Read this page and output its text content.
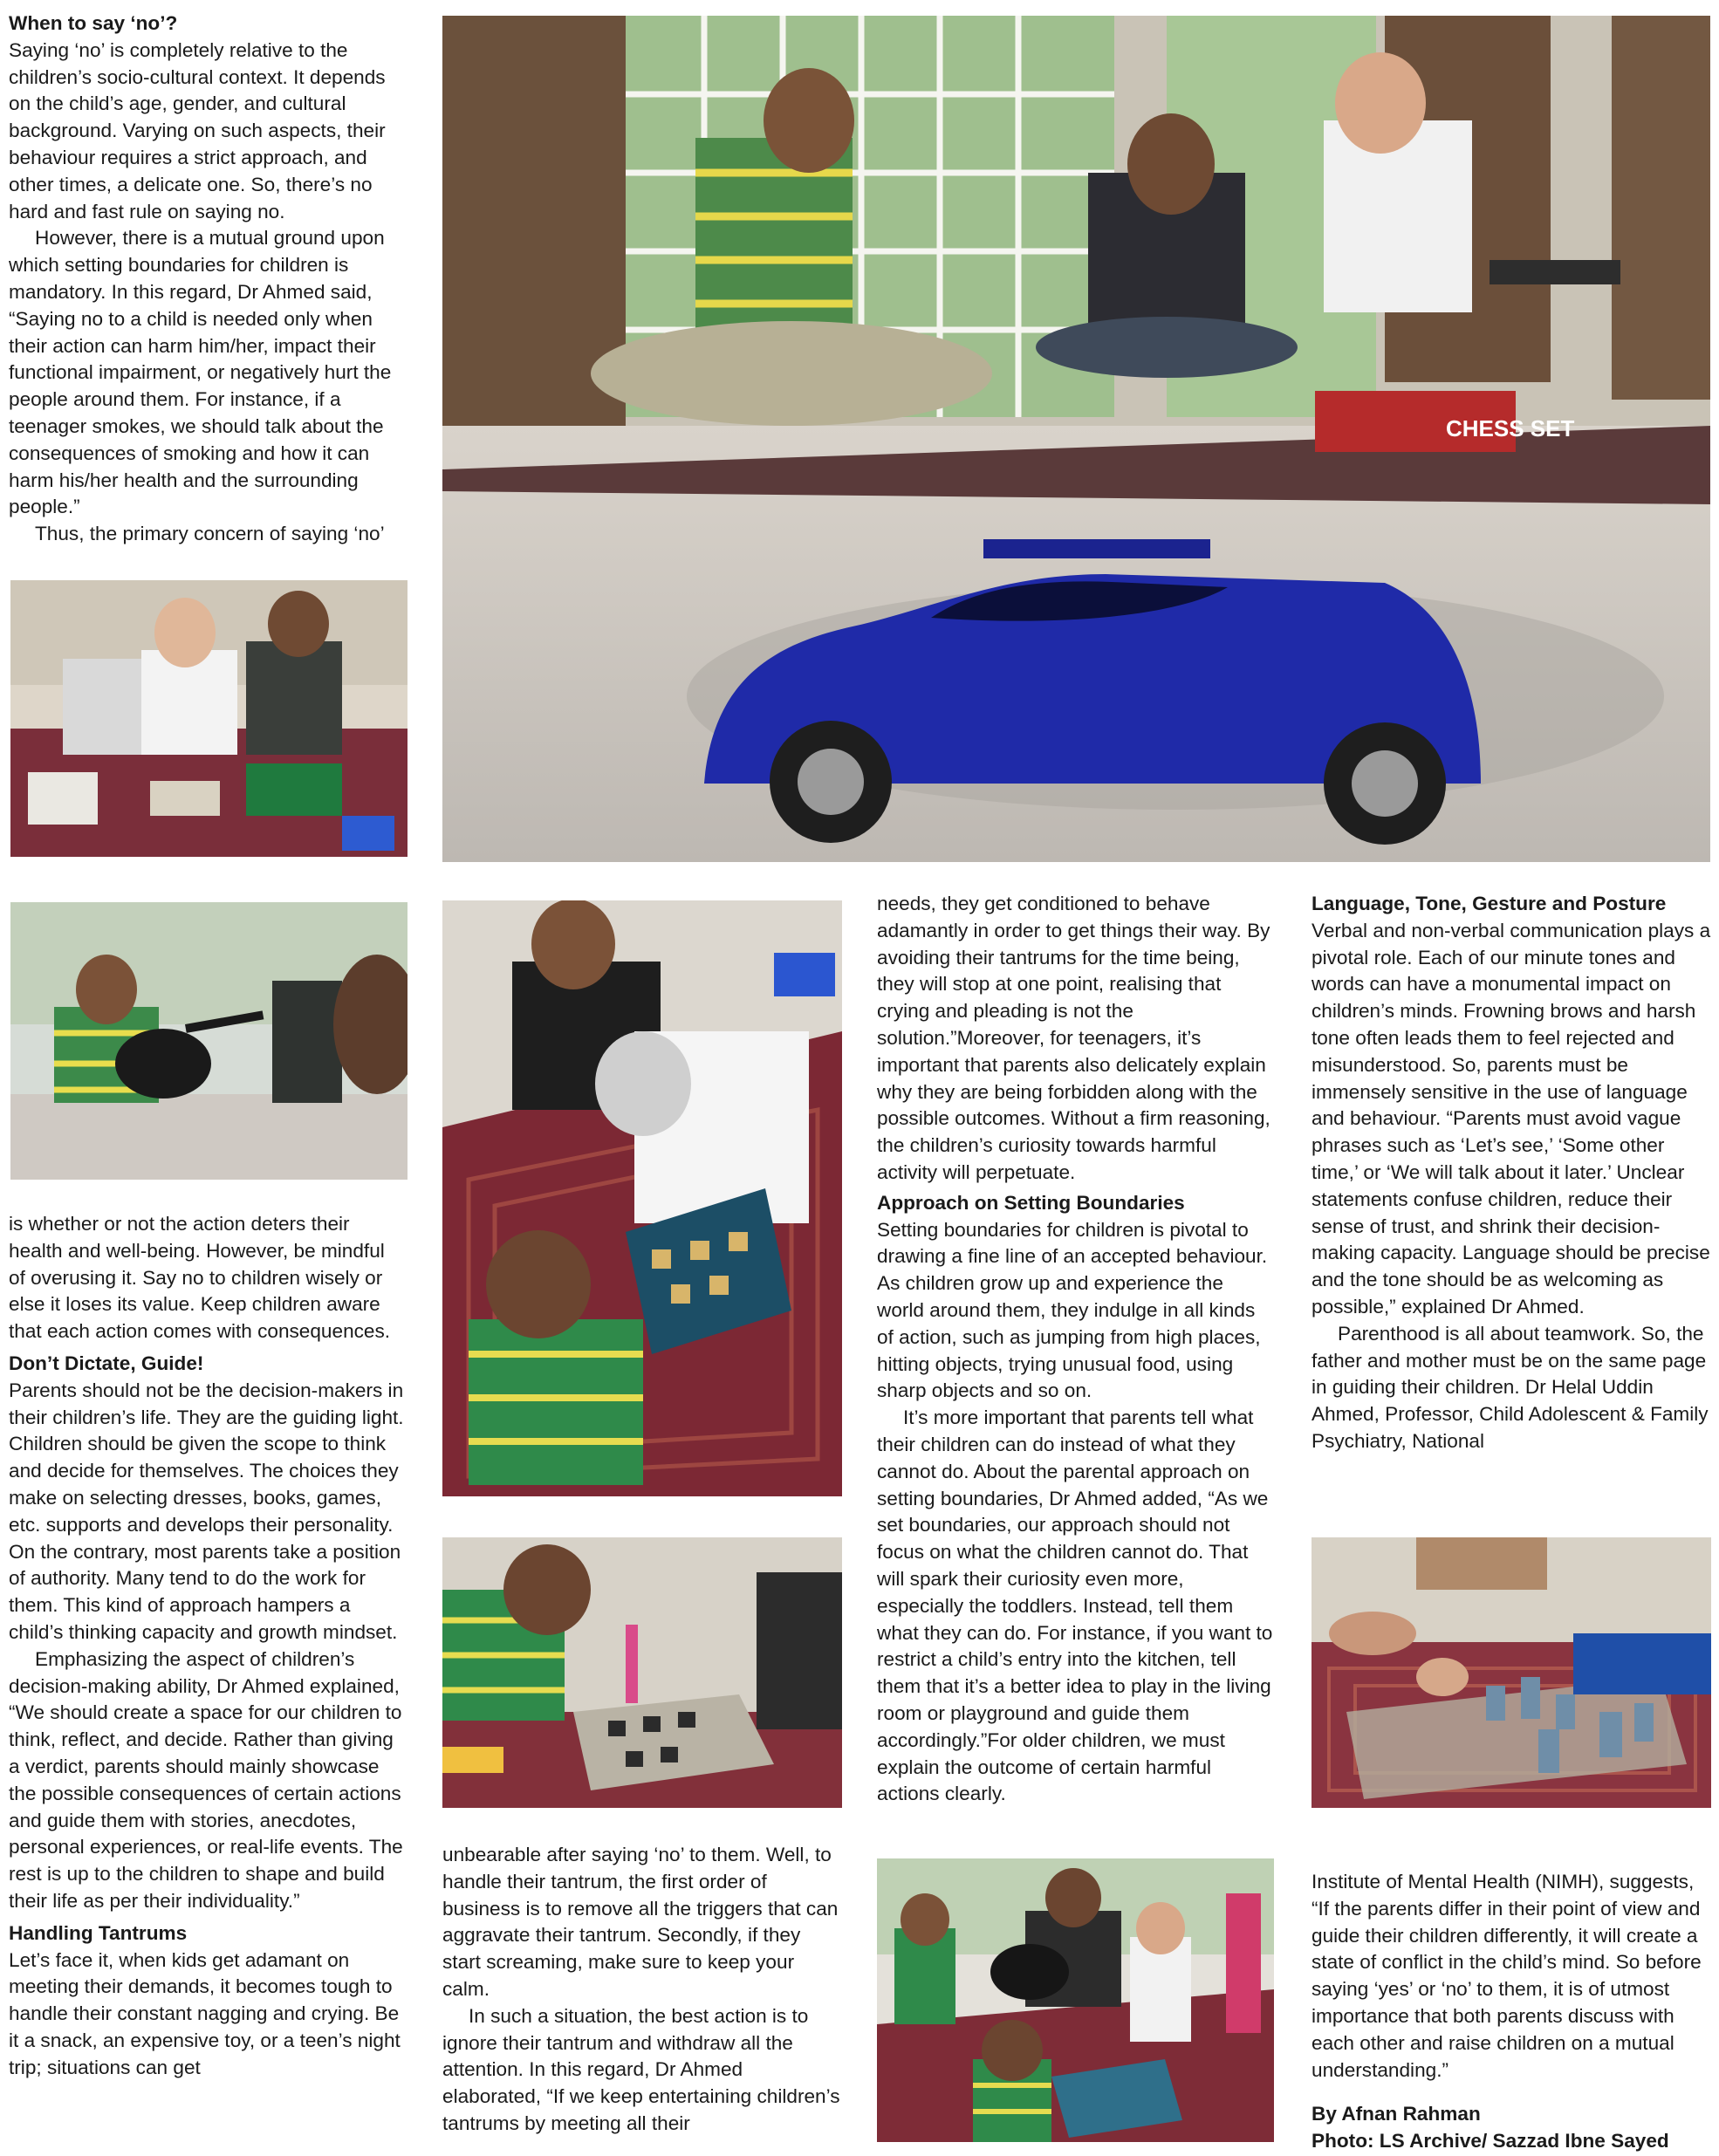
When to say ‘no’?

Saying ‘no’ is completely relative to the children’s socio-cultural context. It depends on the child’s age, gender, and cultural background. Varying on such aspects, their behaviour requires a strict approach, and other times, a delicate one. So, there’s no hard and fast rule on saying no.

However, there is a mutual ground upon which setting boundaries for children is mandatory. In this regard, Dr Ahmed said, “Saying no to a child is needed only when their action can harm him/her, impact their functional impairment, or negatively hurt the people around them. For instance, if a teenager smokes, we should talk about the consequences of smoking and how it can harm his/her health and the surrounding people.”

Thus, the primary concern of saying ‘no’

CHESS SET

is whether or not the action deters their health and well-being. However, be mindful of overusing it. Say no to children wisely or else it loses its value. Keep children aware that each action comes with consequences.

Don’t Dictate, Guide!

Parents should not be the decision-makers in their children’s life. They are the guiding light. Children should be given the scope to think and decide for themselves. The choices they make on selecting dresses, books, games, etc. supports and develops their personality. On the contrary, most parents take a position of authority. Many tend to do the work for them. This kind of approach hampers a child’s thinking capacity and growth mindset.

Emphasizing the aspect of children’s decision-making ability, Dr Ahmed explained, “We should create a space for our children to think, reflect, and decide. Rather than giving a verdict, parents should mainly showcase the possible consequences of certain actions and guide them with stories, anecdotes, personal experiences, or real-life events. The rest is up to the children to shape and build their life as per their individuality.”

Handling Tantrums

Let’s face it, when kids get adamant on meeting their demands, it becomes tough to handle their constant nagging and crying. Be it a snack, an expensive toy, or a teen’s night trip; situations can get

unbearable after saying ‘no’ to them. Well, to handle their tantrum, the first order of business is to remove all the triggers that can aggravate their tantrum. Secondly, if they start screaming, make sure to keep your calm.

In such a situation, the best action is to ignore their tantrum and withdraw all the attention. In this regard, Dr Ahmed elaborated, “If we keep entertaining children’s tantrums by meeting all their

needs, they get conditioned to behave adamantly in order to get things their way. By avoiding their tantrums for the time being, they will stop at one point, realising that crying and pleading is not the solution.”Moreover, for teenagers, it’s important that parents also delicately explain why they are being forbidden along with the possible outcomes. Without a firm reasoning, the children’s curiosity towards harmful activity will perpetuate.

Approach on Setting Boundaries

Setting boundaries for children is pivotal to drawing a fine line of an accepted behaviour. As children grow up and experience the world around them, they indulge in all kinds of action, such as jumping from high places, hitting objects, trying unusual food, using sharp objects and so on.

It’s more important that parents tell what their children can do instead of what they cannot do. About the parental approach on setting boundaries, Dr Ahmed added, “As we set boundaries, our approach should not focus on what the children cannot do. That will spark their curiosity even more, especially the toddlers. Instead, tell them what they can do. For instance, if you want to restrict a child’s entry into the kitchen, tell them that it’s a better idea to play in the living room or playground and guide them accordingly.”For older children, we must explain the outcome of certain harmful actions clearly.

Language, Tone, Gesture and Posture

Verbal and non-verbal communication plays a pivotal role. Each of our minute tones and words can have a monumental impact on children’s minds. Frowning brows and harsh tone often leads them to feel rejected and misunderstood. So, parents must be immensely sensitive in the use of language and behaviour. “Parents must avoid vague phrases such as ‘Let’s see,’ ‘Some other time,’ or ‘We will talk about it later.’ Unclear statements confuse children, reduce their sense of trust, and shrink their decision-making capacity. Language should be precise and the tone should be as welcoming as possible,” explained Dr Ahmed.

Parenthood is all about teamwork. So, the father and mother must be on the same page in guiding their children. Dr Helal Uddin Ahmed, Professor, Child Adolescent & Family Psychiatry, National

Institute of Mental Health (NIMH), suggests, “If the parents differ in their point of view and guide their children differently, it will create a state of conflict in the child’s mind. So before saying ‘yes’ or ‘no’ to them, it is of utmost importance that both parents discuss with each other and raise children on a mutual understanding.”

By Afnan Rahman

Photo: LS Archive/ Sazzad Ibne Sayed
